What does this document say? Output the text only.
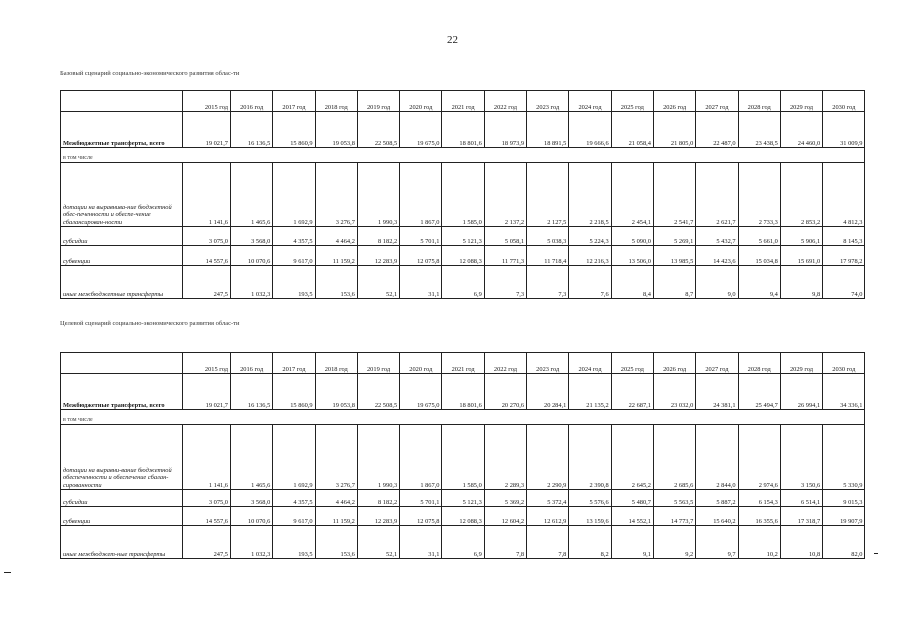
22
Базовый сценарий социально-экономического развития облас-ти
	2015 год	2016 год	2017 год	2018 год	2019 год	2020 год	2021 год	2022 год	2023 год	2024 год	2025 год	2026 год	2027 год	2028 год	2029 год	2030 год
Межбюджетные трансферты, всего	19 021,7	16 136,5	15 860,9	19 053,8	22 508,5	19 675,0	18 801,6	18 973,9	18 891,5	19 666,6	21 058,4	21 805,0	22 487,0	23 438,5	24 460,0	31 009,9
в том числе																
дотации на выравнива-ние бюджетной обес-печенности и обеспе-чение сбалансирован-ности	1 141,6	1 465,6	1 692,9	3 276,7	1 990,3	1 867,0	1 585,0	2 137,2	2 127,5	2 218,5	2 454,1	2 541,7	2 621,7	2 733,3	2 853,2	4 812,3
субсидии	3 075,0	3 568,0	4 357,5	4 464,2	8 182,2	5 701,1	5 121,3	5 058,1	5 038,3	5 224,3	5 090,0	5 269,1	5 432,7	5 661,0	5 906,1	8 145,3
субвенции	14 557,6	10 070,6	9 617,0	11 159,2	12 283,9	12 075,8	12 088,3	11 771,3	11 718,4	12 216,3	13 506,0	13 985,5	14 423,6	15 034,8	15 691,0	17 978,2
иные межбюджетные трансферты	247,5	1 032,3	193,5	153,6	52,1	31,1	6,9	7,3	7,3	7,6	8,4	8,7	9,0	9,4	9,8	74,0
Целевой сценарий социально-экономического развития облас-ти
	2015 год	2016 год	2017 год	2018 год	2019 год	2020 год	2021 год	2022 год	2023 год	2024 год	2025 год	2026 год	2027 год	2028 год	2029 год	2030 год
Межбюджетные трансферты, всего	19 021,7	16 136,5	15 860,9	19 053,8	22 508,5	19 675,0	18 801,6	20 270,6	20 284,1	21 135,2	22 687,1	23 032,0	24 381,1	25 494,7	26 994,1	34 336,1
в том числе																
дотации на выравни-вание бюджетной обеспеченности и обеспечение сбалан-сированности	1 141,6	1 465,6	1 692,9	3 276,7	1 990,3	1 867,0	1 585,0	2 289,3	2 290,9	2 390,8	2 645,2	2 685,6	2 844,0	2 974,6	3 150,6	5 330,9
субсидии	3 075,0	3 568,0	4 357,5	4 464,2	8 182,2	5 701,1	5 121,3	5 369,2	5 372,4	5 576,6	5 480,7	5 563,5	5 887,2	6 154,3	6 514,1	9 015,3
субвенции	14 557,6	10 070,6	9 617,0	11 159,2	12 283,9	12 075,8	12 088,3	12 604,2	12 612,9	13 159,6	14 552,1	14 773,7	15 640,2	16 355,6	17 318,7	19 907,9
иные межбюджет-ные трансферты	247,5	1 032,3	193,5	153,6	52,1	31,1	6,9	7,8	7,8	8,2	9,1	9,2	9,7	10,2	10,8	82,0
